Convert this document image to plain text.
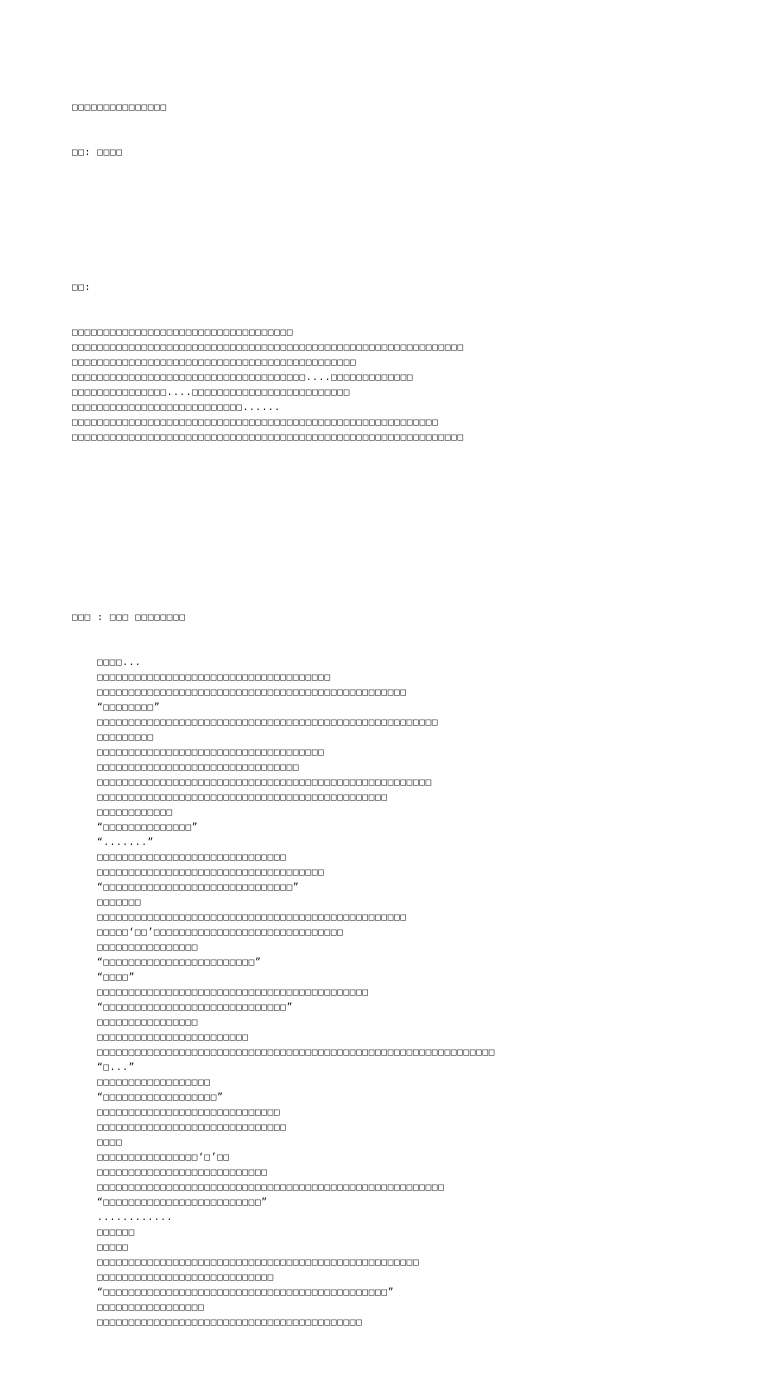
□□□□□□□□□□□□□□□

□□: □□□□

□□:

□□□□□□□□□□□□□□□□□□□□□□□□□□□□□□□□□□□
□□□□□□□□□□□□□□□□□□□□□□□□□□□□□□□□□□□□□□□□□□□□□□□□□□□□□□□□□□□□□□
□□□□□□□□□□□□□□□□□□□□□□□□□□□□□□□□□□□□□□□□□□□□□
□□□□□□□□□□□□□□□□□□□□□□□□□□□□□□□□□□□□□....□□□□□□□□□□□□□
□□□□□□□□□□□□□□□....□□□□□□□□□□□□□□□□□□□□□□□□□
□□□□□□□□□□□□□□□□□□□□□□□□□□□......
□□□□□□□□□□□□□□□□□□□□□□□□□□□□□□□□□□□□□□□□□□□□□□□□□□□□□□□□□□
□□□□□□□□□□□□□□□□□□□□□□□□□□□□□□□□□□□□□□□□□□□□□□□□□□□□□□□□□□□□□□

□□□ : □□□ □□□□□□□□

□□□□...
□□□□□□□□□□□□□□□□□□□□□□□□□□□□□□□□□□□□□
□□□□□□□□□□□□□□□□□□□□□□□□□□□□□□□□□□□□□□□□□□□□□□□□□
“□□□□□□□□”
□□□□□□□□□□□□□□□□□□□□□□□□□□□□□□□□□□□□□□□□□□□□□□□□□□□□□□
□□□□□□□□□
□□□□□□□□□□□□□□□□□□□□□□□□□□□□□□□□□□□□
□□□□□□□□□□□□□□□□□□□□□□□□□□□□□□□□
□□□□□□□□□□□□□□□□□□□□□□□□□□□□□□□□□□□□□□□□□□□□□□□□□□□□□
□□□□□□□□□□□□□□□□□□□□□□□□□□□□□□□□□□□□□□□□□□□□□□
□□□□□□□□□□□□
“□□□□□□□□□□□□□□”
“.......”
□□□□□□□□□□□□□□□□□□□□□□□□□□□□□□
□□□□□□□□□□□□□□□□□□□□□□□□□□□□□□□□□□□□
“□□□□□□□□□□□□□□□□□□□□□□□□□□□□□□”
□□□□□□□
□□□□□□□□□□□□□□□□□□□□□□□□□□□□□□□□□□□□□□□□□□□□□□□□□
□□□□□‘□□’□□□□□□□□□□□□□□□□□□□□□□□□□□□□□□
□□□□□□□□□□□□□□□□
“□□□□□□□□□□□□□□□□□□□□□□□□”
“□□□□”
□□□□□□□□□□□□□□□□□□□□□□□□□□□□□□□□□□□□□□□□□□□
“□□□□□□□□□□□□□□□□□□□□□□□□□□□□□”
□□□□□□□□□□□□□□□□
□□□□□□□□□□□□□□□□□□□□□□□□
□□□□□□□□□□□□□□□□□□□□□□□□□□□□□□□□□□□□□□□□□□□□□□□□□□□□□□□□□□□□□□□
“□...”
□□□□□□□□□□□□□□□□□□
“□□□□□□□□□□□□□□□□□□”
□□□□□□□□□□□□□□□□□□□□□□□□□□□□□
□□□□□□□□□□□□□□□□□□□□□□□□□□□□□□
□□□□
□□□□□□□□□□□□□□□□‘□’□□
□□□□□□□□□□□□□□□□□□□□□□□□□□□
□□□□□□□□□□□□□□□□□□□□□□□□□□□□□□□□□□□□□□□□□□□□□□□□□□□□□□□
“□□□□□□□□□□□□□□□□□□□□□□□□□”
............
□□□□□□
□□□□□
□□□□□□□□□□□□□□□□□□□□□□□□□□□□□□□□□□□□□□□□□□□□□□□□□□□
□□□□□□□□□□□□□□□□□□□□□□□□□□□□
“□□□□□□□□□□□□□□□□□□□□□□□□□□□□□□□□□□□□□□□□□□□□□”
□□□□□□□□□□□□□□□□□
□□□□□□□□□□□□□□□□□□□□□□□□□□□□□□□□□□□□□□□□□□
